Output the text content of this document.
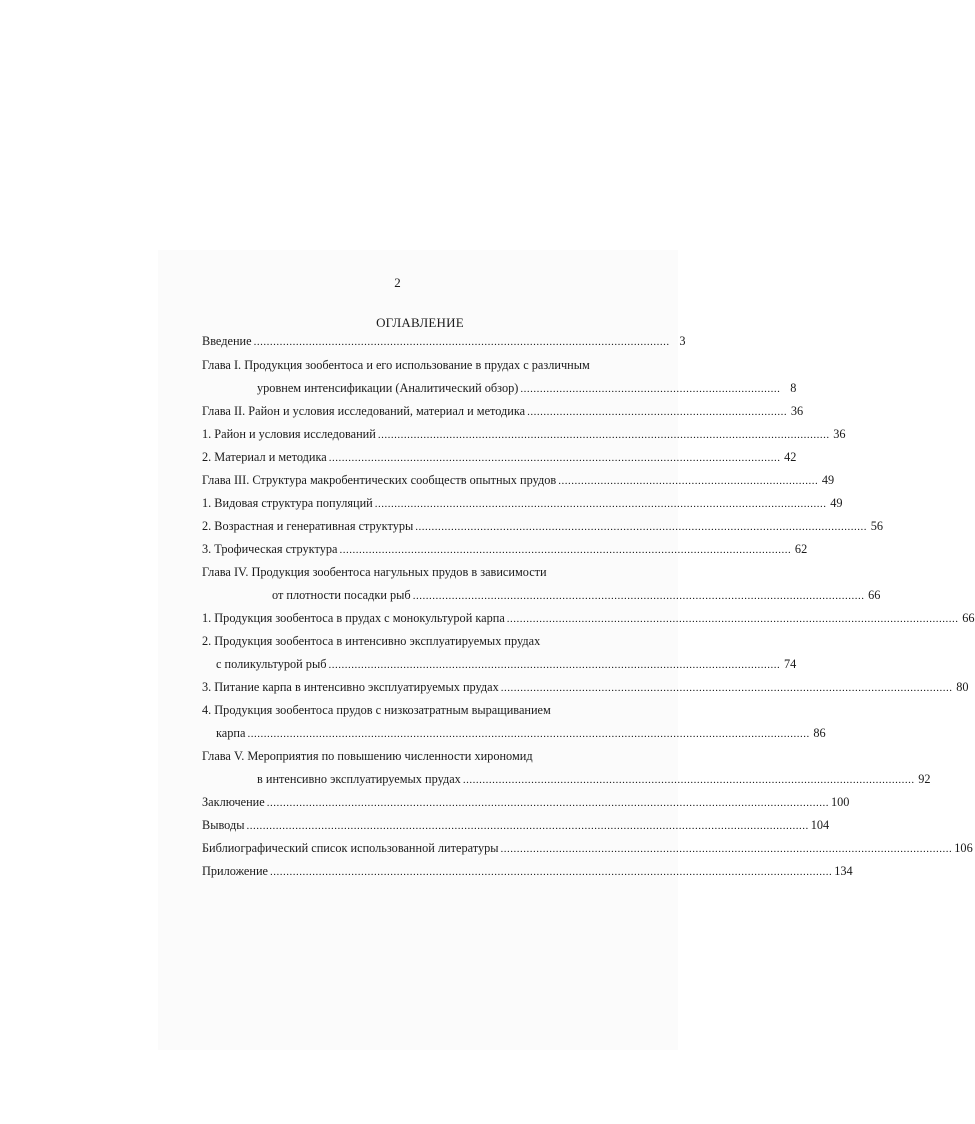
2
ОГЛАВЛЕНИЕ
Введение ................................................................................................................................ 3
Глава I. Продукция зообентоса и его использование в прудах с различным
уровнем интенсификации (Аналитический обзор) ................................................................................ 8
Глава II. Район и условия исследований, материал и методика ................................................................................ 36
1. Район и условия исследований ........................................................................................................................................... 36
2. Материал и методика ........................................................................................................................................... 42
Глава III. Структура макробентических сообществ опытных прудов ................................................................................ 49
1. Видовая структура популяций ........................................................................................................................................... 49
2. Возрастная и генеративная структуры ........................................................................................................................................... 56
3. Трофическая структура ........................................................................................................................................... 62
Глава IV. Продукция зообентоса нагульных прудов в зависимости
от плотности посадки рыб ........................................................................................................................................... 66
1. Продукция зообентоса в прудах с монокультурой карпа ........................................................................................................................................... 66
2. Продукция зообентоса в интенсивно эксплуатируемых прудах
с поликультурой рыб ........................................................................................................................................... 74
3. Питание карпа в интенсивно эксплуатируемых прудах ........................................................................................................................................... 80
4. Продукция зообентоса прудов с низкозатратным выращиванием
карпа ............................................................................................................................................................................. 86
Глава V. Мероприятия по повышению численности хирономид
в интенсивно эксплуатируемых прудах ........................................................................................................................................... 92
Заключение ............................................................................................................................................................................. 100
Выводы ............................................................................................................................................................................. 104
Библиографический список использованной литературы ........................................................................................................................................... 106
Приложение ............................................................................................................................................................................. 134
